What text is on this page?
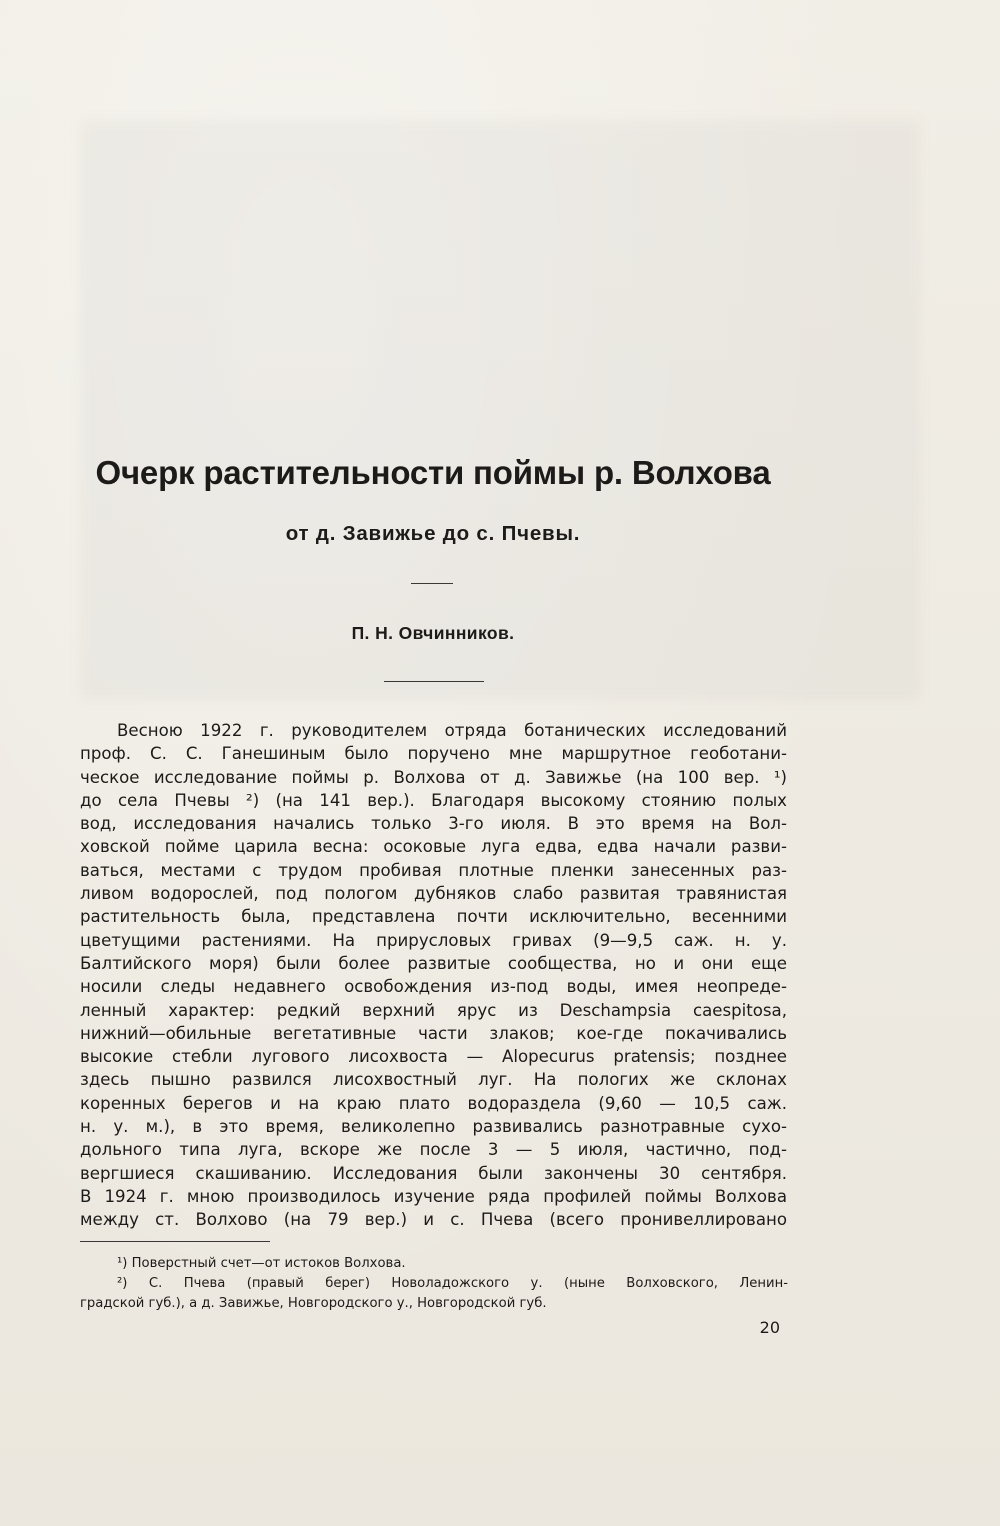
Очерк растительности поймы р. Волхова
от д. Завижье до с. Пчевы.
П. Н. Овчинников.
Весною 1922 г. руководителем отряда ботанических исследований
проф. С. С. Ганешиным было поручено мне маршрутное геоботани-
ческое исследование поймы р. Волхова от д. Завижье (на 100 вер. ¹)
до села Пчевы ²) (на 141 вер.). Благодаря высокому стоянию полых
вод, исследования начались только 3-го июля. В это время на Вол-
ховской пойме царила весна: осоковые луга едва, едва начали разви-
ваться, местами с трудом пробивая плотные пленки занесенных раз-
ливом водорослей, под пологом дубняков слабо развитая травянистая
растительность была, представлена почти исключительно, весенними
цветущими растениями. На прирусловых гривах (9—9,5 саж. н. у.
Балтийского моря) были более развитые сообщества, но и они еще
носили следы недавнего освобождения из-под воды, имея неопреде-
ленный характер: редкий верхний ярус из Deschampsia caespitosa,
нижний—обильные вегетативные части злаков; кое-где покачивались
высокие стебли лугового лисохвоста — Alopecurus pratensis; позднее
здесь пышно развился лисохвостный луг. На пологих же склонах
коренных берегов и на краю плато водораздела (9,60 — 10,5 саж.
н. у. м.), в это время, великолепно развивались разнотравные сухо-
дольного типа луга, вскоре же после 3 — 5 июля, частично, под-
вергшиеся скашиванию. Исследования были закончены 30 сентября.
В 1924 г. мною производилось изучение ряда профилей поймы Волхова
между ст. Волхово (на 79 вер.) и с. Пчева (всего пронивеллировано
¹) Поверстный счет—от истоков Волхова.
²) С. Пчева (правый берег) Новоладожского у. (ныне Волховского, Ленин-
градской губ.), а д. Завижье, Новгородского у., Новгородской губ.
20
